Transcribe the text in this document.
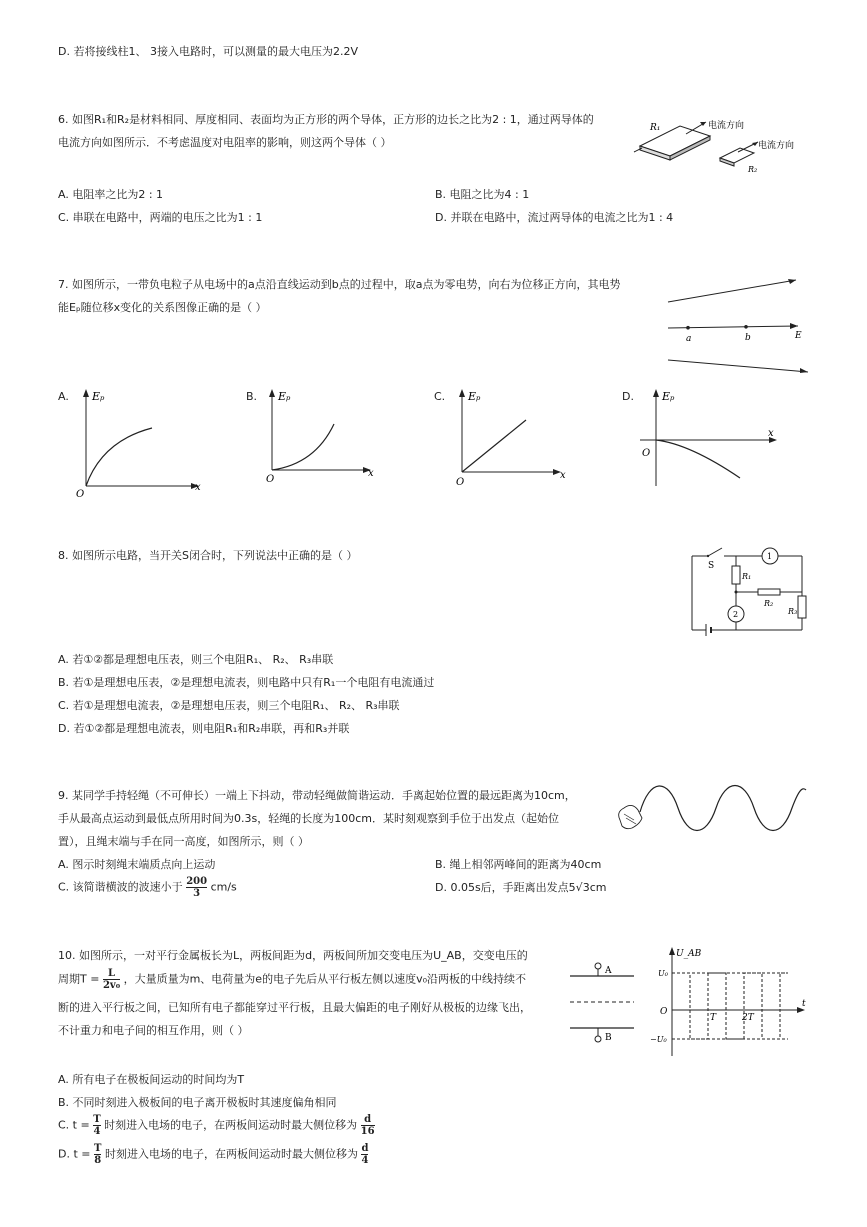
D. 若将接线柱1、 3接入电路时，可以测量的最大电压为2.2V
6. 如图R₁和R₂是材料相同、厚度相同、表面均为正方形的两个导体，正方形的边长之比为2 : 1，通过两导体的
电流方向如图所示．不考虑温度对电阻率的影响，则这两个导体（ ）
R₁	电流方向
电流方向
R₂
A. 电阻率之比为2 : 1	B. 电阻之比为4 : 1
C. 串联在电路中，两端的电压之比为1 : 1	D. 并联在电路中，流过两导体的电流之比为1 : 4
7. 如图所示，一带负电粒子从电场中的a点沿直线运动到b点的过程中，取a点为零电势，向右为位移正方向，其电势
能Eₚ随位移x变化的关系图像正确的是（ ）
a	b	E
A. Eₚ
x
O
B. Eₚ
x
O
C. Eₚ
x
O
D.	Eₚ
x
O
8. 如图所示电路，当开关S闭合时，下列说法中正确的是（ ）	1
2
S
R₁
R₂
R₃
A. 若①②都是理想电压表，则三个电阻R₁、 R₂、 R₃串联
B. 若①是理想电压表，②是理想电流表，则电路中只有R₁一个电阻有电流通过
C. 若①是理想电流表，②是理想电压表，则三个电阻R₁、 R₂、 R₃串联
D. 若①②都是理想电流表，则电阻R₁和R₂串联，再和R₃并联
9. 某同学手持轻绳（不可伸长）一端上下抖动，带动轻绳做简谐运动．手离起始位置的最远距离为10cm，
手从最高点运动到最低点所用时间为0.3s，轻绳的长度为100cm．某时刻观察到手位于出发点（起始位
置），且绳末端与手在同一高度，如图所示，则（ ）
A. 图示时刻绳末端质点向上运动	B. 绳上相邻两峰间的距离为40cm
C. 该简谐横波的波速小于 $\frac{200}{3} cm/s$	D. 0.05s后，手距离出发点5√3cm
10. 如图所示，一对平行金属板长为L，两板间距为d，两板间所加交变电压为U_AB，交变电压的
周期$T = \frac{L}{\text{2v₀}}$ ，大量质量为m、电荷量为e的电子先后从平行板左侧以速度v₀沿两板的中线持续不
断的进入平行板之间，已知所有电子都能穿过平行板，且最大偏距的电子刚好从极板的边缘飞出，
不计重力和电子间的相互作用，则（ ）
A
B
U_AB
U₀
−U₀
O
T	2T
t
A. 所有电子在极板间运动的时间均为T
B. 不同时刻进入极板间的电子离开极板时其速度偏角相同
C. $t = \frac{T}{4}$ 时刻进入电场的电子，在两板间运动时最大侧位移为 $\frac{d}{16}$
D. $t = \frac{T}{8}$ 时刻进入电场的电子，在两板间运动时最大侧位移为 $\frac{d}{4}$
